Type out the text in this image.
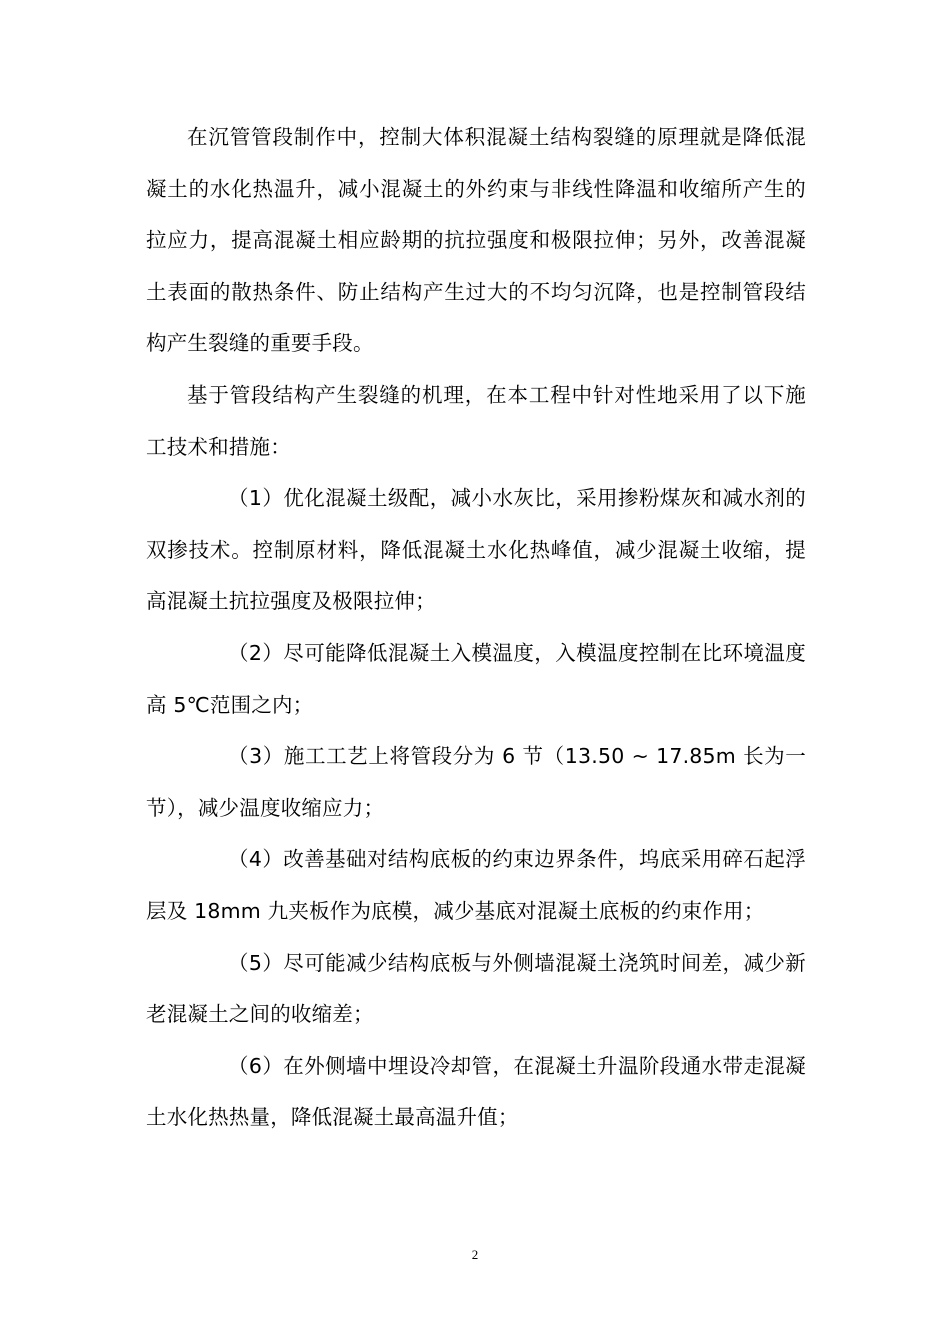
在沉管管段制作中，控制大体积混凝土结构裂缝的原理就是降低混凝土的水化热温升，减小混凝土的外约束与非线性降温和收缩所产生的拉应力，提高混凝土相应龄期的抗拉强度和极限拉伸；另外，改善混凝土表面的散热条件、防止结构产生过大的不均匀沉降，也是控制管段结构产生裂缝的重要手段。

基于管段结构产生裂缝的机理，在本工程中针对性地采用了以下施工技术和措施：

（1）优化混凝土级配，减小水灰比，采用掺粉煤灰和减水剂的双掺技术。控制原材料，降低混凝土水化热峰值，减少混凝土收缩，提高混凝土抗拉强度及极限拉伸；

（2）尽可能降低混凝土入模温度，入模温度控制在比环境温度高 5℃范围之内；

（3）施工工艺上将管段分为 6 节（13.50 ~ 17.85m 长为一节），减少温度收缩应力；

（4）改善基础对结构底板的约束边界条件，坞底采用碎石起浮层及 18mm 九夹板作为底模，减少基底对混凝土底板的约束作用；

（5）尽可能减少结构底板与外侧墙混凝土浇筑时间差，减少新老混凝土之间的收缩差；

（6）在外侧墙中埋设冷却管，在混凝土升温阶段通水带走混凝土水化热热量，降低混凝土最高温升值；

2
